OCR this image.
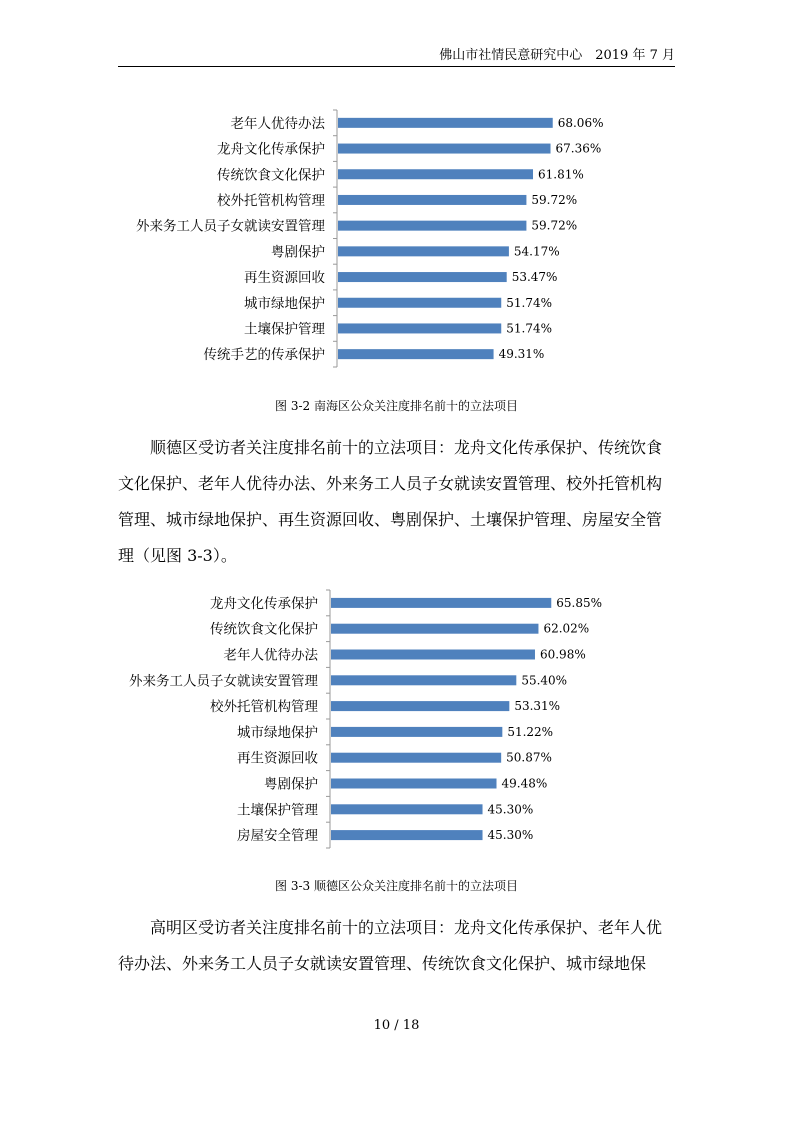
佛山市社情民意研究中心　2019 年 7 月
老年人优待办法	68.06%
龙舟文化传承保护	67.36%
传统饮食文化保护	61.81%
校外托管机构管理	59.72%
外来务工人员子女就读安置管理	59.72%
粤剧保护	54.17%
再生资源回收	53.47%
城市绿地保护	51.74%
土壤保护管理	51.74%
传统手艺的传承保护	49.31%
图 3-2 南海区公众关注度排名前十的立法项目

顺德区受访者关注度排名前十的立法项目：龙舟文化传承保护、传统饮食

文化保护、老年人优待办法、外来务工人员子女就读安置管理、校外托管机构

管理、城市绿地保护、再生资源回收、粤剧保护、土壤保护管理、房屋安全管

理（见图 3-3）。

龙舟文化传承保护	65.85%
传统饮食文化保护	62.02%
老年人优待办法	60.98%
外来务工人员子女就读安置管理	55.40%
校外托管机构管理	53.31%
城市绿地保护	51.22%
再生资源回收	50.87%
粤剧保护	49.48%
土壤保护管理	45.30%
房屋安全管理	45.30%
图 3-3 顺德区公众关注度排名前十的立法项目

高明区受访者关注度排名前十的立法项目：龙舟文化传承保护、老年人优

待办法、外来务工人员子女就读安置管理、传统饮食文化保护、城市绿地保

10 / 18
